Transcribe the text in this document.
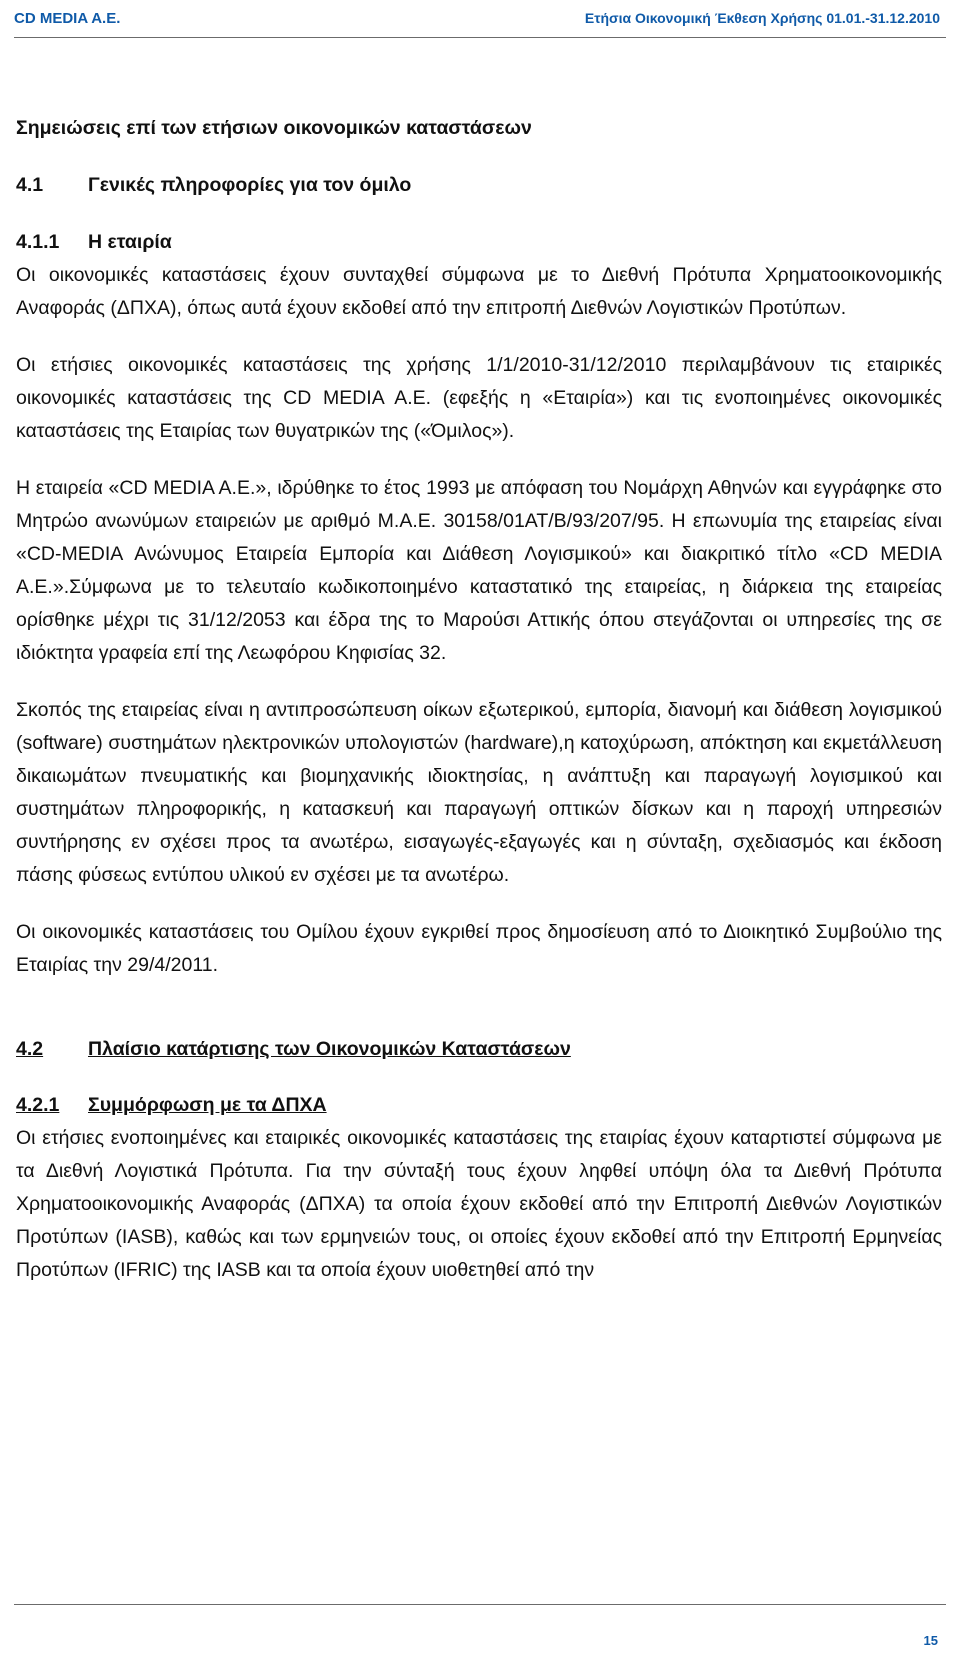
CD MEDIA A.E.	Ετήσια Οικονομική Έκθεση Χρήσης 01.01.-31.12.2010
Σημειώσεις επί των ετήσιων οικονομικών καταστάσεων
4.1	Γενικές πληροφορίες για τον όμιλο
4.1.1	Η εταιρία

Οι οικονομικές καταστάσεις έχουν συνταχθεί σύμφωνα με το Διεθνή Πρότυπα Χρηματοοικονομικής Αναφοράς (ΔΠΧΑ), όπως αυτά έχουν εκδοθεί από την επιτροπή Διεθνών Λογιστικών Προτύπων.

Οι ετήσιες οικονομικές καταστάσεις της χρήσης 1/1/2010-31/12/2010 περιλαμβάνουν τις εταιρικές οικονομικές καταστάσεις της CD MEDIA A.E. (εφεξής η «Εταιρία») και τις ενοποιημένες οικονομικές καταστάσεις της Εταιρίας των θυγατρικών της («Όμιλος»).

Η εταιρεία «CD MEDIA A.E.», ιδρύθηκε το έτος 1993 με απόφαση του Νομάρχη Αθηνών και εγγράφηκε στο Μητρώο ανωνύμων εταιρειών με αριθμό Μ.Α.Ε. 30158/01ΑΤ/Β/93/207/95. Η επωνυμία της εταιρείας είναι «CD-MEDIA Ανώνυμος Εταιρεία Εμπορία και Διάθεση Λογισμικού» και διακριτικό τίτλο «CD MEDIA A.E.».Σύμφωνα με το τελευταίο κωδικοποιημένο καταστατικό της εταιρείας, η διάρκεια της εταιρείας ορίσθηκε μέχρι τις 31/12/2053 και έδρα της το Μαρούσι Αττικής όπου στεγάζονται οι υπηρεσίες της σε ιδιόκτητα γραφεία επί της Λεωφόρου Κηφισίας 32.

Σκοπός της εταιρείας είναι η αντιπροσώπευση οίκων εξωτερικού, εμπορία, διανομή και διάθεση λογισμικού (software) συστημάτων ηλεκτρονικών υπολογιστών (hardware),η κατοχύρωση, απόκτηση και εκμετάλλευση δικαιωμάτων πνευματικής και βιομηχανικής ιδιοκτησίας, η ανάπτυξη και παραγωγή λογισμικού και συστημάτων πληροφορικής, η κατασκευή και παραγωγή οπτικών δίσκων και η παροχή υπηρεσιών συντήρησης εν σχέσει προς τα ανωτέρω, εισαγωγές-εξαγωγές και η σύνταξη, σχεδιασμός και έκδοση πάσης φύσεως εντύπου υλικού εν σχέσει με τα ανωτέρω.

Οι οικονομικές καταστάσεις του Ομίλου έχουν εγκριθεί προς δημοσίευση από το Διοικητικό Συμβούλιο της Εταιρίας την 29/4/2011.

4.2	Πλαίσιο κατάρτισης των Οικονομικών Καταστάσεων
4.2.1	Συμμόρφωση με τα ΔΠΧΑ

Οι ετήσιες ενοποιημένες και εταιρικές οικονομικές καταστάσεις της εταιρίας έχουν καταρτιστεί σύμφωνα με τα Διεθνή Λογιστικά Πρότυπα. Για την σύνταξή τους έχουν ληφθεί υπόψη όλα τα Διεθνή Πρότυπα Χρηματοοικονομικής Αναφοράς (ΔΠΧΑ) τα οποία έχουν εκδοθεί από την Επιτροπή Διεθνών Λογιστικών Προτύπων (IASB), καθώς και των ερμηνειών τους, οι οποίες έχουν εκδοθεί από την Επιτροπή Ερμηνείας Προτύπων (IFRIC) της IASB και τα οποία έχουν υιοθετηθεί από την

15
